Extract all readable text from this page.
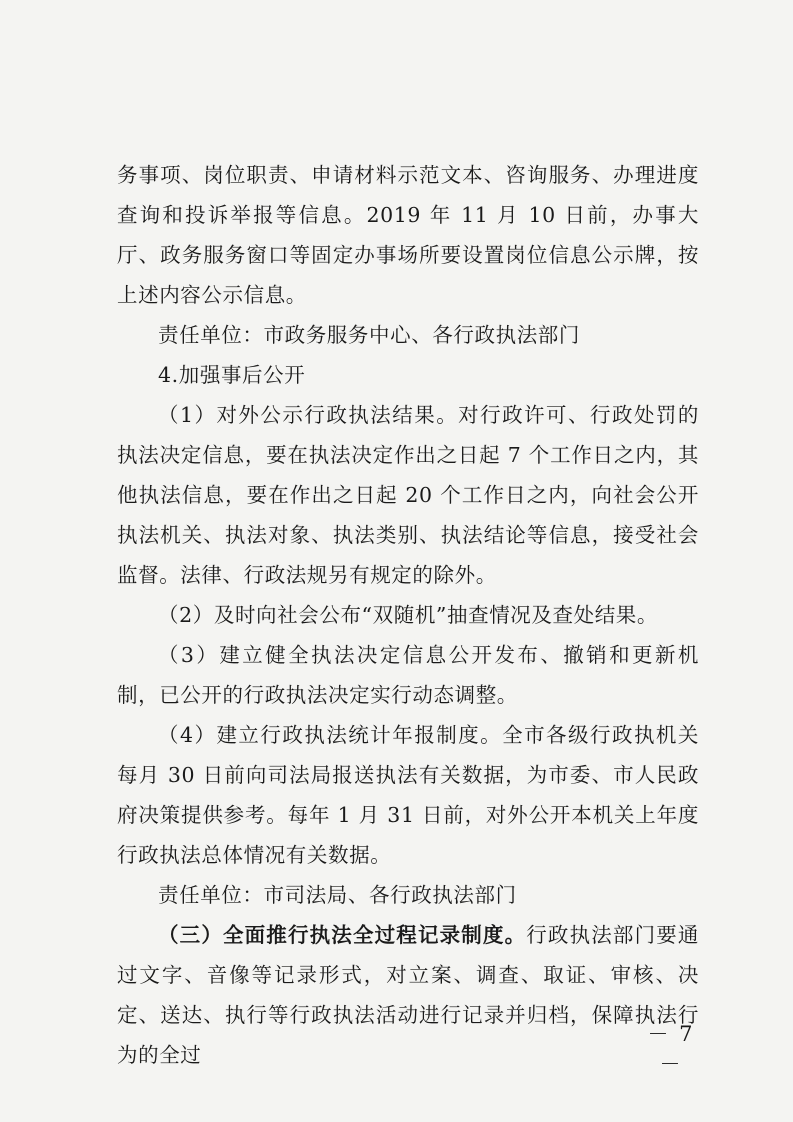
务事项、岗位职责、申请材料示范文本、咨询服务、办理进度查询和投诉举报等信息。2019 年 11 月 10 日前，办事大厅、政务服务窗口等固定办事场所要设置岗位信息公示牌，按上述内容公示信息。

责任单位：市政务服务中心、各行政执法部门

4.加强事后公开

（1）对外公示行政执法结果。对行政许可、行政处罚的执法决定信息，要在执法决定作出之日起 7 个工作日之内，其他执法信息，要在作出之日起 20 个工作日之内，向社会公开执法机关、执法对象、执法类别、执法结论等信息，接受社会监督。法律、行政法规另有规定的除外。

（2）及时向社会公布“双随机”抽查情况及查处结果。

（3）建立健全执法决定信息公开发布、撤销和更新机制，已公开的行政执法决定实行动态调整。

（4）建立行政执法统计年报制度。全市各级行政执机关每月 30 日前向司法局报送执法有关数据，为市委、市人民政府决策提供参考。每年 1 月 31 日前，对外公开本机关上年度行政执法总体情况有关数据。

责任单位：市司法局、各行政执法部门

（三）全面推行执法全过程记录制度。行政执法部门要通过文字、音像等记录形式，对立案、调查、取证、审核、决定、送达、执行等行政执法活动进行记录并归档，保障执法行为的全过

－ 7 －
